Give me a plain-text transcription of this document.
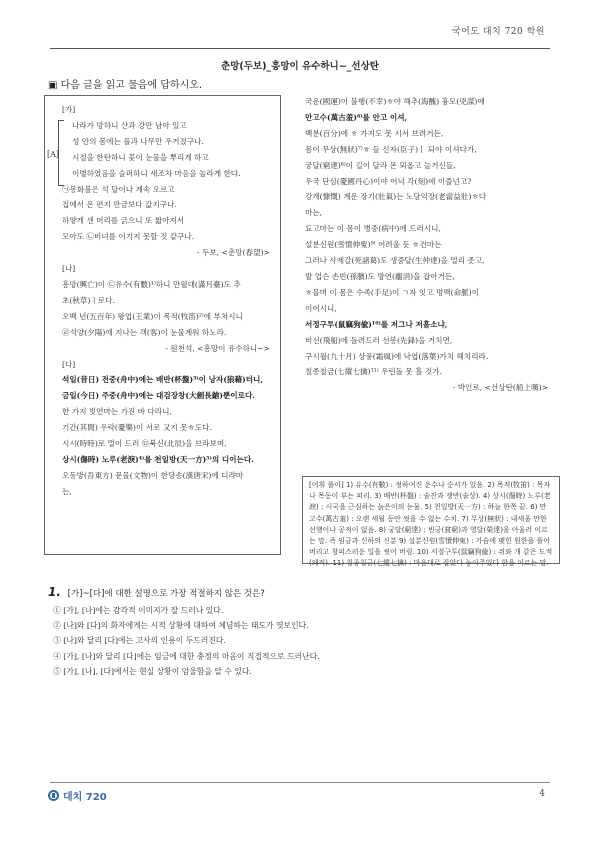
국어도 대치 720 학원
춘망(두보)_흥망이 유수하니~_선상탄
▣ 다음 글을 읽고 물음에 답하시오.
[A]
[가]
나라가 망하니 산과 강만 남아 있고
성 안의 봄에는 풀과 나무만 우거졌구나.
시절을 한탄하니 꽃이 눈물을 뿌리게 하고
이별하였음을 슬퍼하니 새조차 마음을 놀라게 한다.
㉠봉화불은 석 달이나 계속 오르고
집에서 온 편지 만금보다 값지구나.
하얗게 센 머리를 긁으니 또 짧아져서
모아도 ㉡비녀를 이기지 못할 것 같구나.
- 두보, <춘망(春望)>
[나]
흥망(興亡)이 ㉢유수(有數)¹⁾하니 만월대(滿月臺)도 추
초(秋草)ㅣ로다.
오백 년(五百年) 왕업(王業)이 목적(牧笛)²⁾에 부쳐시니
㉣석양(夕陽)에 지나는 객(客)이 눈물계워 하노라.
- 원천석, <흥망이 유수하니~>
[다]
석일(昔日) 전중(舟中)에는 배반(杯盤)³⁾이 낭자(狼藉)터니,
금일(今日) 주중(舟中)에는 대검장창(大劍長鎗)뿐이로다.
한 가지 빗연마는 가진 바 다라니,
기간(其間) 우락(憂樂)이 서로 又지 못ㅎ도다.
시시(時時)로 멀이 드러 ㉤북신(北辰)을 브라보며,
상시(傷時) 노루(老淚)⁴⁾를 천일방(天一方)⁵⁾의 디이는다.
오동방(吾東方) 문물(文物)이 한당송(漢唐宋)에 디랴마
는,
국운(國運)이 불행(不幸)ㅎ야 해추(海醜) 흉모(兇謀)애
만고수(萬古羞)⁶⁾를 안고 이셔,
백분(百分)에 ㅎ 가지도 못 시서 브려거든,
몸이 무상(無狀)⁷⁾ㅎ 들 신자(臣子)ㅣ 되야 이셔다가,
궁달(窮達)⁸⁾이 길이 달라 몬 뫼옵고 늘거신들,
우국 단심(憂國丹心)이야 어닉 각(刻)애 이즐넌고?
강개(慷慨) 계운 장기(壯氣)는 노당익장(老當益壯)ㅎ다
마는,
됴고마는 이 몸이 병중(病中)에 드러시니,
설분신원(雪憤伸寃)⁹⁾ 어려울 듯 ㅎ건마는
그러나 사제갈(死諸葛)도 생중달(生仲達)을 멀리 좃고,
발 업슨 손빈(孫臏)도 방연(龐涓)을 잡아거든,
ㅎ믈며 이 몸은 수족(手足)이 ㄱ자 잇고 명맥(命脈)이
이어시니,
서정구투(鼠竊狗偸)¹⁰⁾를 저그나 저흘소냐,
비선(飛船)에 돌려드러 선봉(先鋒)을 거치면,
구시월(九十月) 상풍(霜風)에 낙엽(落葉)가치 헤치리라.
칠종칠금(七縱七擒)¹¹⁾ 우린돌 못 홀 것가.
- 박인로, <선상탄(船上嘆)>
[어휘 풀이] 1) 유수(有數) : 정하여진 운수나 순서가 있음. 2) 목적(牧笛) : 목자나 목동이 부는 피리. 3) 배반(杯盤) : 술잔과 쟁반(술상). 4) 상시(傷時) 노루(老淚) : 시국을 근심하는 늙은이의 눈물. 5) 천일방(天一方) : 하늘 한쪽 끝. 6) 만고수(萬古羞) : 오랜 세월 동안 씻을 수 없는 수치. 7) 무상(無狀) : 내세울 만한 선행이나 공적이 없음. 8) 궁달(窮達) : 빈궁(貧窮)과 영달(榮達)을 아울러 이르는 말. 즉 임금과 신하의 신분 9) 설분신원(雪憤伸寃) : 가슴에 맺힌 원한을 풀어 버리고 창피스러운 일을 씻어 버림. 10) 서절구투(鼠竊狗偸) : 쥐와 개 같은 도적(왜적). 11) 칠종칠금(七縱七擒) : 마음대로 잡았다 놓아주었다 함을 이르는 말.
1. [가]~[다]에 대한 설명으로 가장 적절하지 않은 것은?
① [가], [나]에는 감각적 이미지가 잘 드러나 있다.
② [나]와 [다]의 화자에게는 시적 상황에 대하여 체념하는 태도가 엿보인다.
③ [나]와 달리 [다]에는 고사의 인용이 두드러진다.
④ [가], [나]와 달리 [다]에는 임금에 대한 충정의 마음이 직접적으로 드러난다.
⑤ [가], [나], [다]에서는 현실 상황이 암울함을 알 수 있다.
대치 720	4
